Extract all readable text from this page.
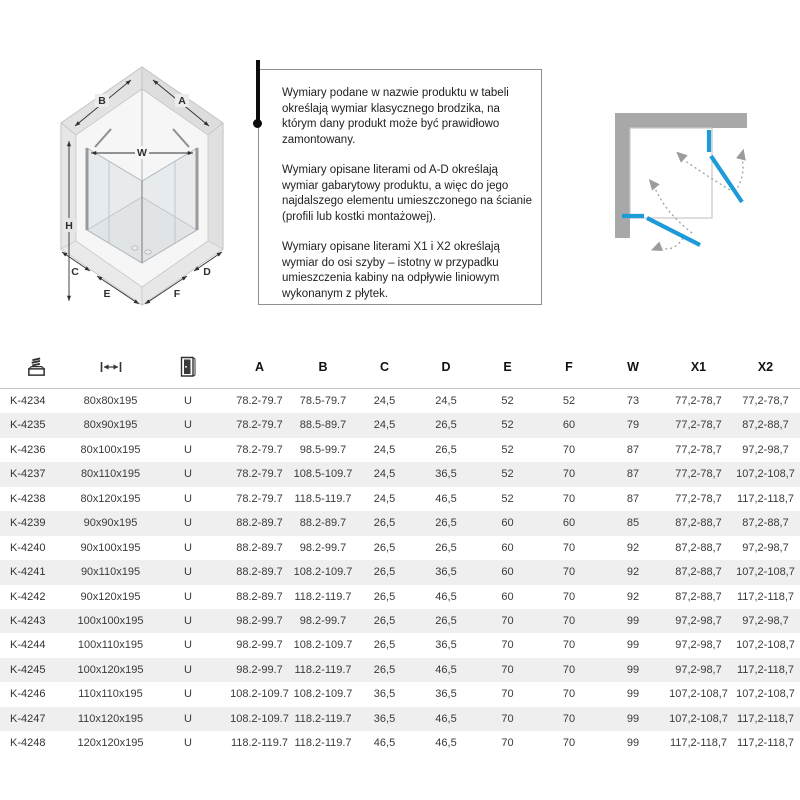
B	A
W
H
C
E	F
D

Wymiary podane w nazwie produktu w tabeli określają wymiar klasycznego brodzika, na którym dany produkt może być prawidłowo zamontowany.

Wymiary opisane literami od A-D określają wymiar gabarytowy produktu, a więc do jego najdalszego elementu umieszczonego na ścianie (profili lub kostki montażowej).

Wymiary opisane literami X1 i X2 określają wymiar do osi szyby – istotny w przypadku umieszczenia kabiny na odpływie liniowym wykonanym z płytek.

A	B	C	D	E	F	W	X1	X2
K-4234	80x80x195	U	78.2-79.7	78.5-79.7	24,5	24,5	52	52	73	77,2-78,7	77,2-78,7
K-4235	80x90x195	U	78.2-79.7	88.5-89.7	24,5	26,5	52	60	79	77,2-78,7	87,2-88,7
K-4236	80x100x195	U	78.2-79.7	98.5-99.7	24,5	26,5	52	70	87	77,2-78,7	97,2-98,7
K-4237	80x110x195	U	78.2-79.7 108.5-109.7	24,5	36,5	52	70	87	77,2-78,7	107,2-108,7
K-4238	80x120x195	U	78.2-79.7	118.5-119.7	24,5	46,5	52	70	87	77,2-78,7	117,2-118,7
K-4239	90x90x195	U	88.2-89.7	88.2-89.7	26,5	26,5	60	60	85	87,2-88,7	87,2-88,7
K-4240	90x100x195	U	88.2-89.7	98.2-99.7	26,5	26,5	60	70	92	87,2-88,7	97,2-98,7
K-4241	90x110x195	U	88.2-89.7 108.2-109.7	26,5	36,5	60	70	92	87,2-88,7	107,2-108,7
K-4242	90x120x195	U	88.2-89.7	118.2-119.7	26,5	46,5	60	70	92	87,2-88,7	117,2-118,7
K-4243	100x100x195	U	98.2-99.7	98.2-99.7	26,5	26,5	70	70	99	97,2-98,7	97,2-98,7
K-4244	100x110x195	U	98.2-99.7 108.2-109.7	26,5	36,5	70	70	99	97,2-98,7	107,2-108,7
K-4245	100x120x195	U	98.2-99.7	118.2-119.7	26,5	46,5	70	70	99	97,2-98,7	117,2-118,7
K-4246	110x110x195	U	108.2-109.7 108.2-109.7	36,5	36,5	70	70	99	107,2-108,7 107,2-108,7
K-4247	110x120x195	U	108.2-109.7 118.2-119.7	36,5	46,5	70	70	99	107,2-108,7 117,2-118,7
K-4248	120x120x195	U	118.2-119.7 118.2-119.7	46,5	46,5	70	70	99	117,2-118,7 117,2-118,7
